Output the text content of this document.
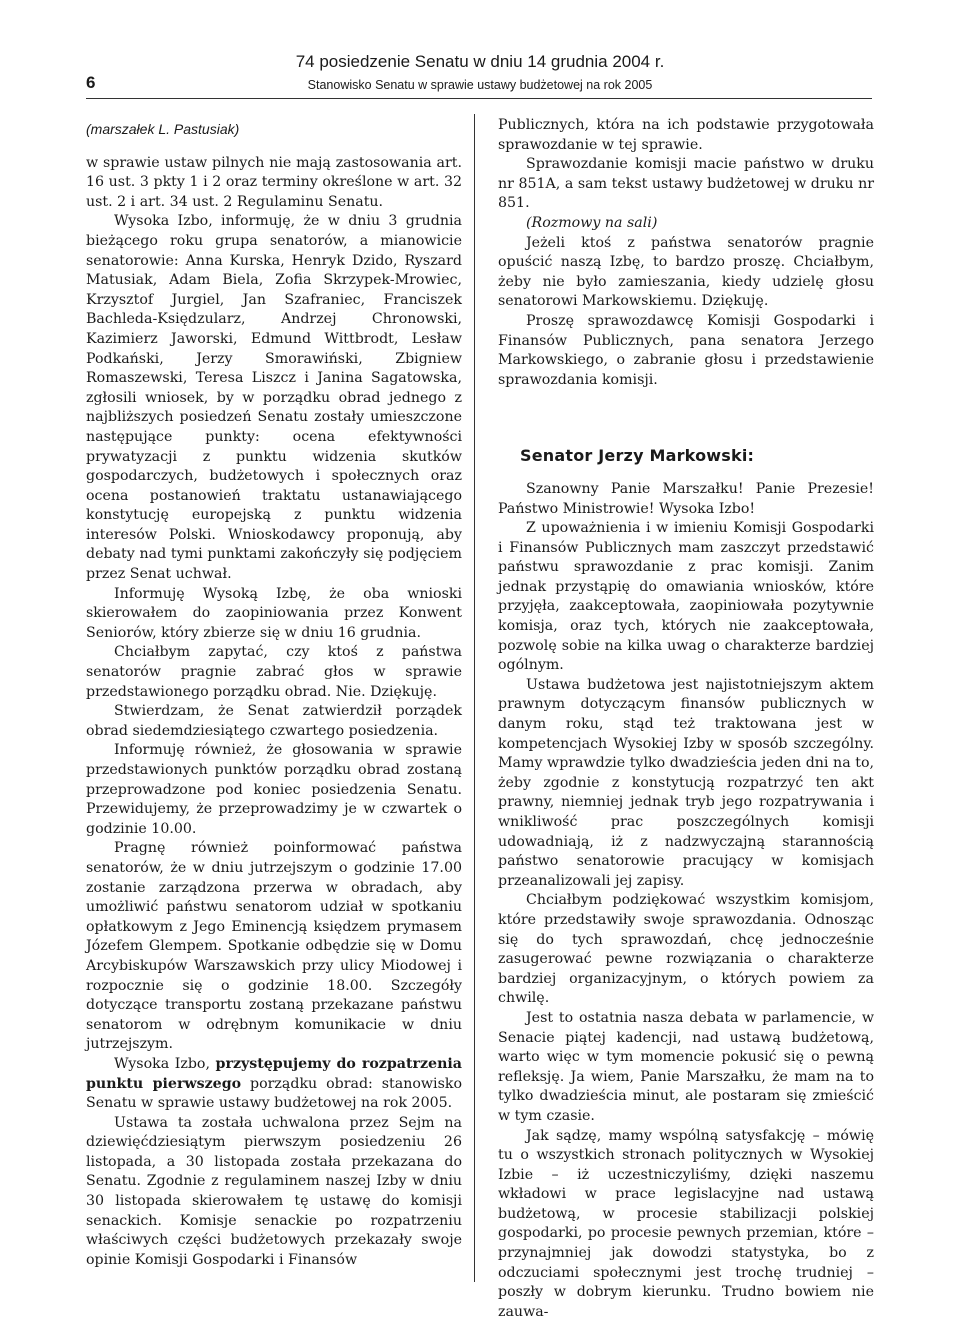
6
74 posiedzenie Senatu w dniu 14 grudnia 2004 r.
Stanowisko Senatu w sprawie ustawy budżetowej na rok 2005

(marszałek L. Pastusiak)

w sprawie ustaw pilnych nie mają zastosowania art. 16 ust. 3 pkty 1 i 2 oraz terminy określone w art. 32 ust. 2 i art. 34 ust. 2 Regulaminu Senatu.

Wysoka Izbo, informuję, że w dniu 3 grudnia bieżącego roku grupa senatorów, a mianowicie senatorowie: Anna Kurska, Henryk Dzido, Ryszard Matusiak, Adam Biela, Zofia Skrzypek-Mrowiec, Krzysztof Jurgiel, Jan Szafraniec, Franciszek Bachleda-Księdzularz, Andrzej Chronowski, Kazimierz Jaworski, Edmund Wittbrodt, Lesław Podkański, Jerzy Smorawiński, Zbigniew Romaszewski, Teresa Liszcz i Janina Sagatowska, zgłosili wniosek, by w porządku obrad jednego z najbliższych posiedzeń Senatu zostały umieszczone następujące punkty: ocena efektywności prywatyzacji z punktu widzenia skutków gospodarczych, budżetowych i społecznych oraz ocena postanowień traktatu ustanawiającego konstytucję europejską z punktu widzenia interesów Polski. Wnioskodawcy proponują, aby debaty nad tymi punktami zakończyły się podjęciem przez Senat uchwał.

Informuję Wysoką Izbę, że oba wnioski skierowałem do zaopiniowania przez Konwent Seniorów, który zbierze się w dniu 16 grudnia.

Chciałbym zapytać, czy ktoś z państwa senatorów pragnie zabrać głos w sprawie przedstawionego porządku obrad. Nie. Dziękuję.

Stwierdzam, że Senat zatwierdził porządek obrad siedemdziesiątego czwartego posiedzenia.

Informuję również, że głosowania w sprawie przedstawionych punktów porządku obrad zostaną przeprowadzone pod koniec posiedzenia Senatu. Przewidujemy, że przeprowadzimy je w czwartek o godzinie 10.00.

Pragnę również poinformować państwa senatorów, że w dniu jutrzejszym o godzinie 17.00 zostanie zarządzona przerwa w obradach, aby umożliwić państwu senatorom udział w spotkaniu opłatkowym z Jego Eminencją księdzem prymasem Józefem Glempem. Spotkanie odbędzie się w Domu Arcybiskupów Warszawskich przy ulicy Miodowej i rozpocznie się o godzinie 18.00. Szczegóły dotyczące transportu zostaną przekazane państwu senatorom w odrębnym komunikacie w dniu jutrzejszym.

Wysoka Izbo, przystępujemy do rozpatrzenia punktu pierwszego porządku obrad: stanowisko Senatu w sprawie ustawy budżetowej na rok 2005.

Ustawa ta została uchwalona przez Sejm na dziewięćdziesiątym pierwszym posiedzeniu 26 listopada, a 30 listopada została przekazana do Senatu. Zgodnie z regulaminem naszej Izby w dniu 30 listopada skierowałem tę ustawę do komisji senackich. Komisje senackie po rozpatrzeniu właściwych części budżetowych przekazały swoje opinie Komisji Gospodarki i Finansów

Publicznych, która na ich podstawie przygotowała sprawozdanie w tej sprawie.

Sprawozdanie komisji macie państwo w druku nr 851A, a sam tekst ustawy budżetowej w druku nr 851.

(Rozmowy na sali)

Jeżeli ktoś z państwa senatorów pragnie opuścić naszą Izbę, to bardzo proszę. Chciałbym, żeby nie było zamieszania, kiedy udzielę głosu senatorowi Markowskiemu. Dziękuję.

Proszę sprawozdawcę Komisji Gospodarki i Finansów Publicznych, pana senatora Jerzego Markowskiego, o zabranie głosu i przedstawienie sprawozdania komisji.

Senator Jerzy Markowski:

Szanowny Panie Marszałku! Panie Prezesie! Państwo Ministrowie! Wysoka Izbo!

Z upoważnienia i w imieniu Komisji Gospodarki i Finansów Publicznych mam zaszczyt przedstawić państwu sprawozdanie z prac komisji. Zanim jednak przystąpię do omawiania wniosków, które przyjęła, zaakceptowała, zaopiniowała pozytywnie komisja, oraz tych, których nie zaakceptowała, pozwolę sobie na kilka uwag o charakterze bardziej ogólnym.

Ustawa budżetowa jest najistotniejszym aktem prawnym dotyczącym finansów publicznych w danym roku, stąd też traktowana jest w kompetencjach Wysokiej Izby w sposób szczególny. Mamy wprawdzie tylko dwadzieścia jeden dni na to, żeby zgodnie z konstytucją rozpatrzyć ten akt prawny, niemniej jednak tryb jego rozpatrywania i wnikliwość prac poszczególnych komisji udowadniają, iż z nadzwyczajną starannością państwo senatorowie pracujący w komisjach przeanalizowali jej zapisy.

Chciałbym podziękować wszystkim komisjom, które przedstawiły swoje sprawozdania. Odnosząc się do tych sprawozdań, chcę jednocześnie zasugerować pewne rozwiązania o charakterze bardziej organizacyjnym, o których powiem za chwilę.

Jest to ostatnia nasza debata w parlamencie, w Senacie piątej kadencji, nad ustawą budżetową, warto więc w tym momencie pokusić się o pewną refleksję. Ja wiem, Panie Marszałku, że mam na to tylko dwadzieścia minut, ale postaram się zmieścić w tym czasie.

Jak sądzę, mamy wspólną satysfakcję – mówię tu o wszystkich stronach politycznych w Wysokiej Izbie – iż uczestniczyliśmy, dzięki naszemu wkładowi w prace legislacyjne nad ustawą budżetową, w procesie stabilizacji polskiej gospodarki, po procesie pewnych przemian, które – przynajmniej jak dowodzi statystyka, bo z odczuciami społecznymi jest trochę trudniej – poszły w dobrym kierunku. Trudno bowiem nie zauwa-
